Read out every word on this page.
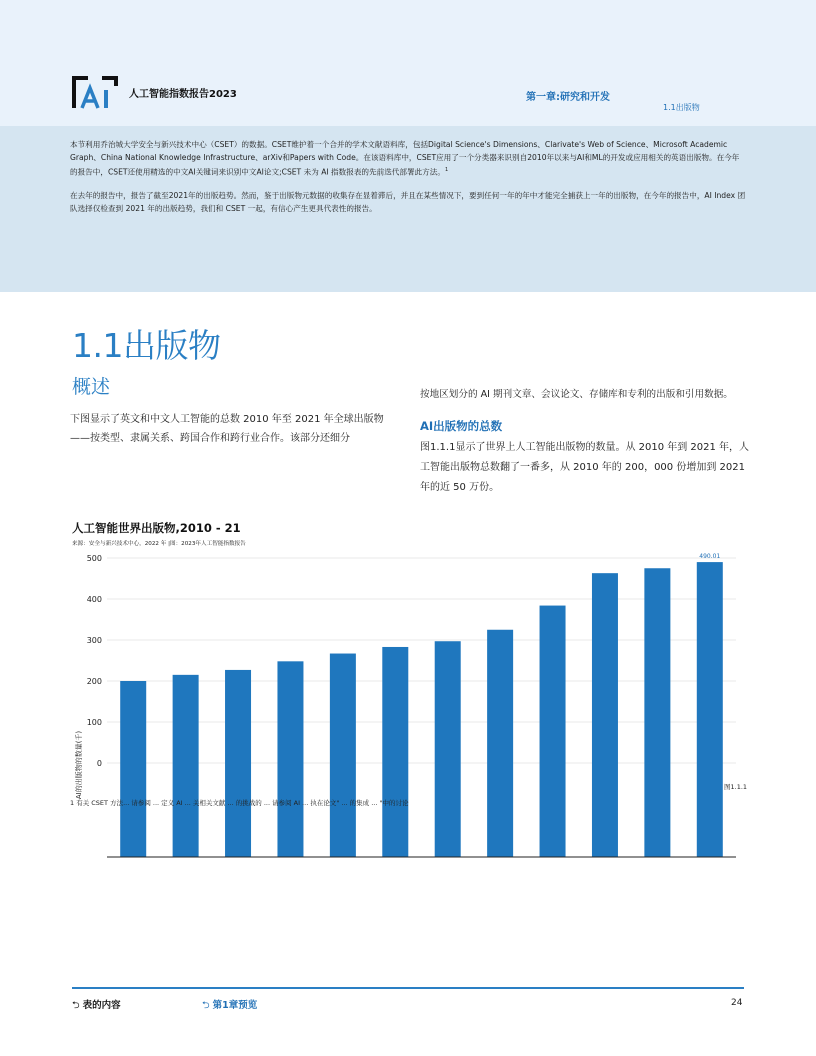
人工智能指数报告2023	第一章:研究和开发
1.1出版物

本节利用乔治城大学安全与新兴技术中心（CSET）的数据。CSET维护着一个合并的学术文献语料库，包括Digital Science's Dimensions、Clarivate's Web of Science、Microsoft Academic Graph、China National Knowledge Infrastructure、arXiv和Papers with Code。在该语料库中，CSET应用了一个分类器来识别自2010年以来与AI和ML的开发或应用相关的英语出版物。在今年的报告中，CSET还使用精选的中文AI关键词来识别中文AI论文;CSET 未为 AI 指数报表的先前迭代部署此方法。$^1$

在去年的报告中，报告了截至2021年的出版趋势。然而，鉴于出版物元数据的收集存在显着滞后，并且在某些情况下，要到任何一年的年中才能完全捕获上一年的出版物，在今年的报告中，AI Index 团队选择仅检查到 2021 年的出版趋势，我们和 CSET 一起，有信心产生更具代表性的报告。

1.1出版物
概述

下图显示了英文和中文人工智能的总数 2010 年至 2021 年全球出版物——按类型、隶属关系、跨国合作和跨行业合作。该部分还细分

按地区划分的 AI 期刊文章、会议论文、存储库和专利的出版和引用数据。

AI出版物的总数

图1.1.1显示了世界上人工智能出版物的数量。从 2010 年到 2021 年，人工智能出版物总数翻了一番多，从 2010 年的 200，000 份增加到 2021 年的近 50 万份。

人工智能世界出版物,2010 - 21
来源：安全与新兴技术中心，2022 年 |图：2023年人工智能指数报告
0
100
200
300
400
500
AI的出版物的数量(千)
490.01
1 有关 CSET 方法... 请参阅 ... 定义 AI ... 关相关文献 ... 的挑战的 ... 请参阅 AI ... 执在论文" ... 的集成 ... "中的讨论
图1.1.1
⮌ 表的内容	⮌ 第1章预览	24
